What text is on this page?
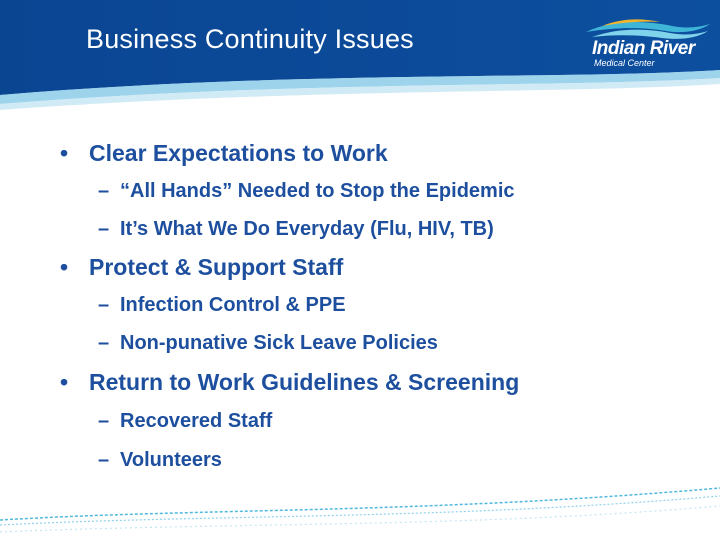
Business Continuity Issues	Indian River
Medical Center
• Clear Expectations to Work
– “All Hands” Needed to Stop the Epidemic
– It’s What We Do Everyday (Flu, HIV, TB)
• Protect & Support Staff
– Infection Control & PPE
– Non-punative Sick Leave Policies
• Return to Work Guidelines & Screening
– Recovered Staff
– Volunteers
